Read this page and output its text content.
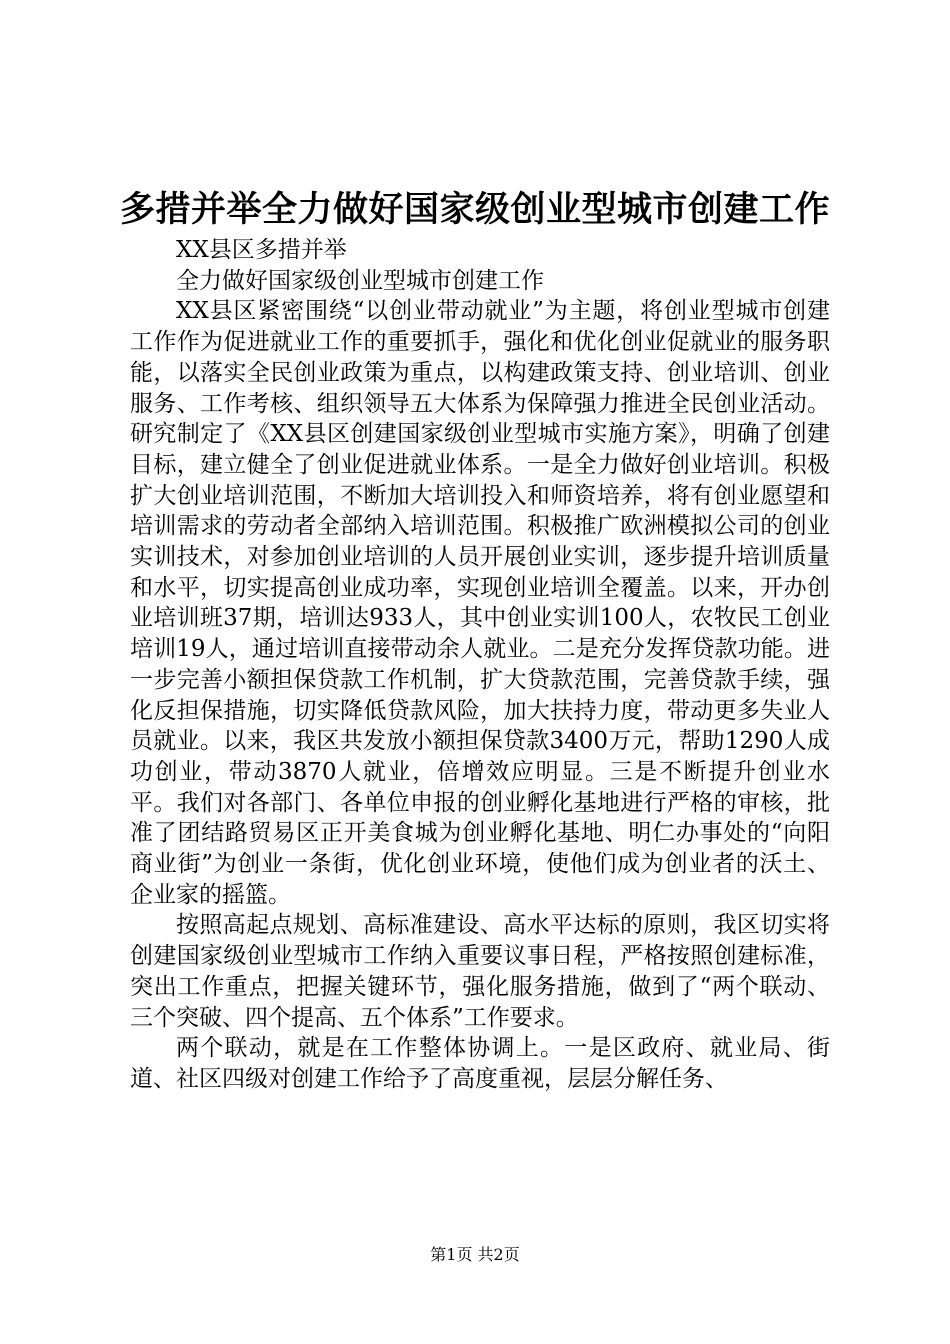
多措并举全力做好国家级创业型城市创建工作

XX县区多措并举

全力做好国家级创业型城市创建工作

XX县区紧密围绕“以创业带动就业”为主题，将创业型城市创建工作作为促进就业工作的重要抓手，强化和优化创业促就业的服务职能，以落实全民创业政策为重点，以构建政策支持、创业培训、创业服务、工作考核、组织领导五大体系为保障强力推进全民创业活动。研究制定了《XX县区创建国家级创业型城市实施方案》，明确了创建目标，建立健全了创业促进就业体系。一是全力做好创业培训。积极扩大创业培训范围，不断加大培训投入和师资培养，将有创业愿望和培训需求的劳动者全部纳入培训范围。积极推广欧洲模拟公司的创业实训技术，对参加创业培训的人员开展创业实训，逐步提升培训质量和水平，切实提高创业成功率，实现创业培训全覆盖。以来，开办创业培训班37期，培训达933人，其中创业实训100人，农牧民工创业培训19人，通过培训直接带动余人就业。二是充分发挥贷款功能。进一步完善小额担保贷款工作机制，扩大贷款范围，完善贷款手续，强化反担保措施，切实降低贷款风险，加大扶持力度，带动更多失业人员就业。以来，我区共发放小额担保贷款3400万元，帮助1290人成功创业，带动3870人就业，倍增效应明显。三是不断提升创业水平。我们对各部门、各单位申报的创业孵化基地进行严格的审核，批准了团结路贸易区正开美食城为创业孵化基地、明仁办事处的“向阳商业街”为创业一条街，优化创业环境，使他们成为创业者的沃土、企业家的摇篮。

按照高起点规划、高标准建设、高水平达标的原则，我区切实将创建国家级创业型城市工作纳入重要议事日程，严格按照创建标准，突出工作重点，把握关键环节，强化服务措施，做到了“两个联动、三个突破、四个提高、五个体系”工作要求。

两个联动，就是在工作整体协调上。一是区政府、就业局、街道、社区四级对创建工作给予了高度重视，层层分解任务、

第1页 共2页
